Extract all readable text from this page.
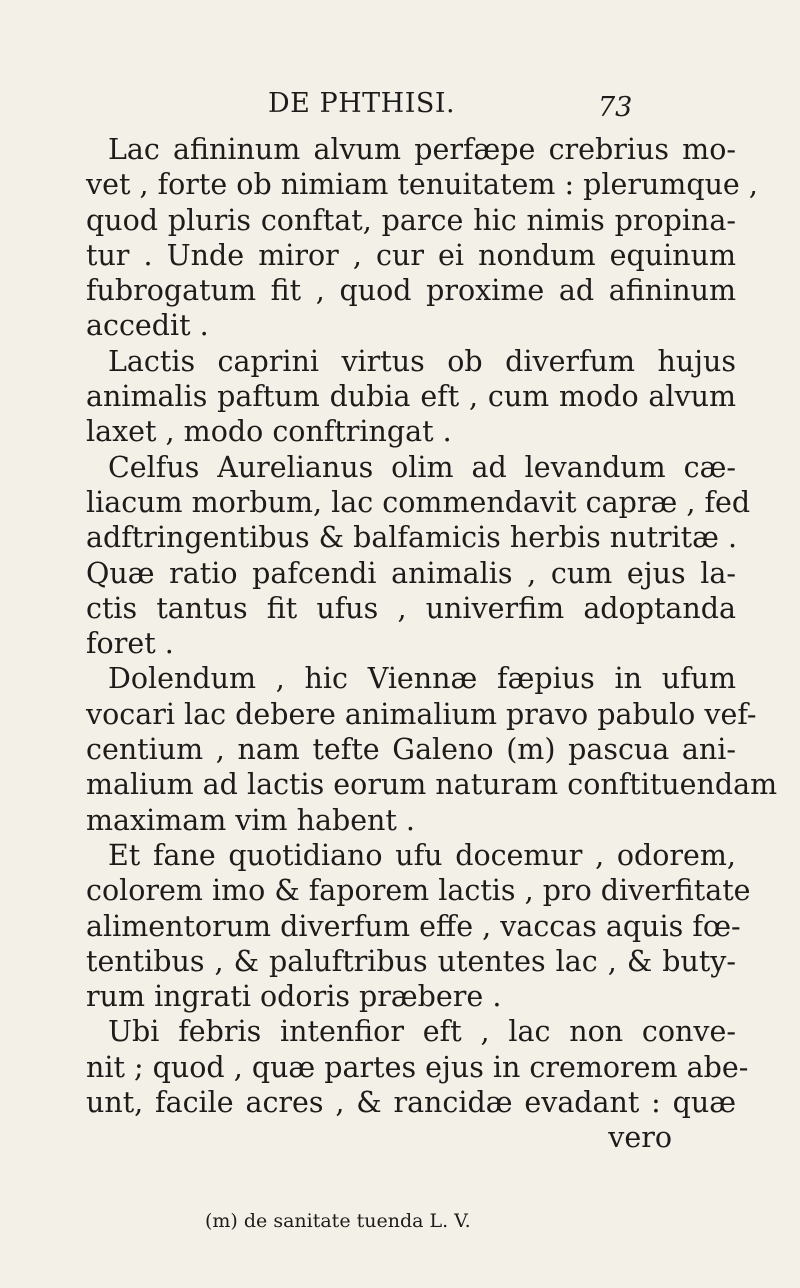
DE PHTHISI.	73
Lac afininum alvum perfæpe crebrius mo-
vet , forte ob nimiam tenuitatem : plerumque ,
quod pluris conftat, parce hic nimis propina-
tur . Unde miror , cur ei nondum equinum
fubrogatum fit , quod proxime ad afininum
accedit .
Lactis caprini virtus ob diverfum hujus
animalis paftum dubia eft , cum modo alvum
laxet , modo conftringat .
Celfus Aurelianus olim ad levandum cæ-
liacum morbum, lac commendavit capræ , fed
adftringentibus & balfamicis herbis nutritæ .
Quæ ratio pafcendi animalis , cum ejus la-
ctis tantus fit ufus , univerfim adoptanda
foret .
Dolendum , hic Viennæ fæpius in ufum
vocari lac debere animalium pravo pabulo vef-
centium , nam tefte Galeno (m) pascua ani-
malium ad lactis eorum naturam conftituendam
maximam vim habent .
Et fane quotidiano ufu docemur , odorem,
colorem imo & faporem lactis , pro diverfitate
alimentorum diverfum effe , vaccas aquis fœ-
tentibus , & paluftribus utentes lac , & buty-
rum ingrati odoris præbere .
Ubi febris intenfior eft , lac non conve-
nit ; quod , quæ partes ejus in cremorem abe-
unt, facile acres , & rancidæ evadant : quæ
vero
(m) de sanitate tuenda L. V.
